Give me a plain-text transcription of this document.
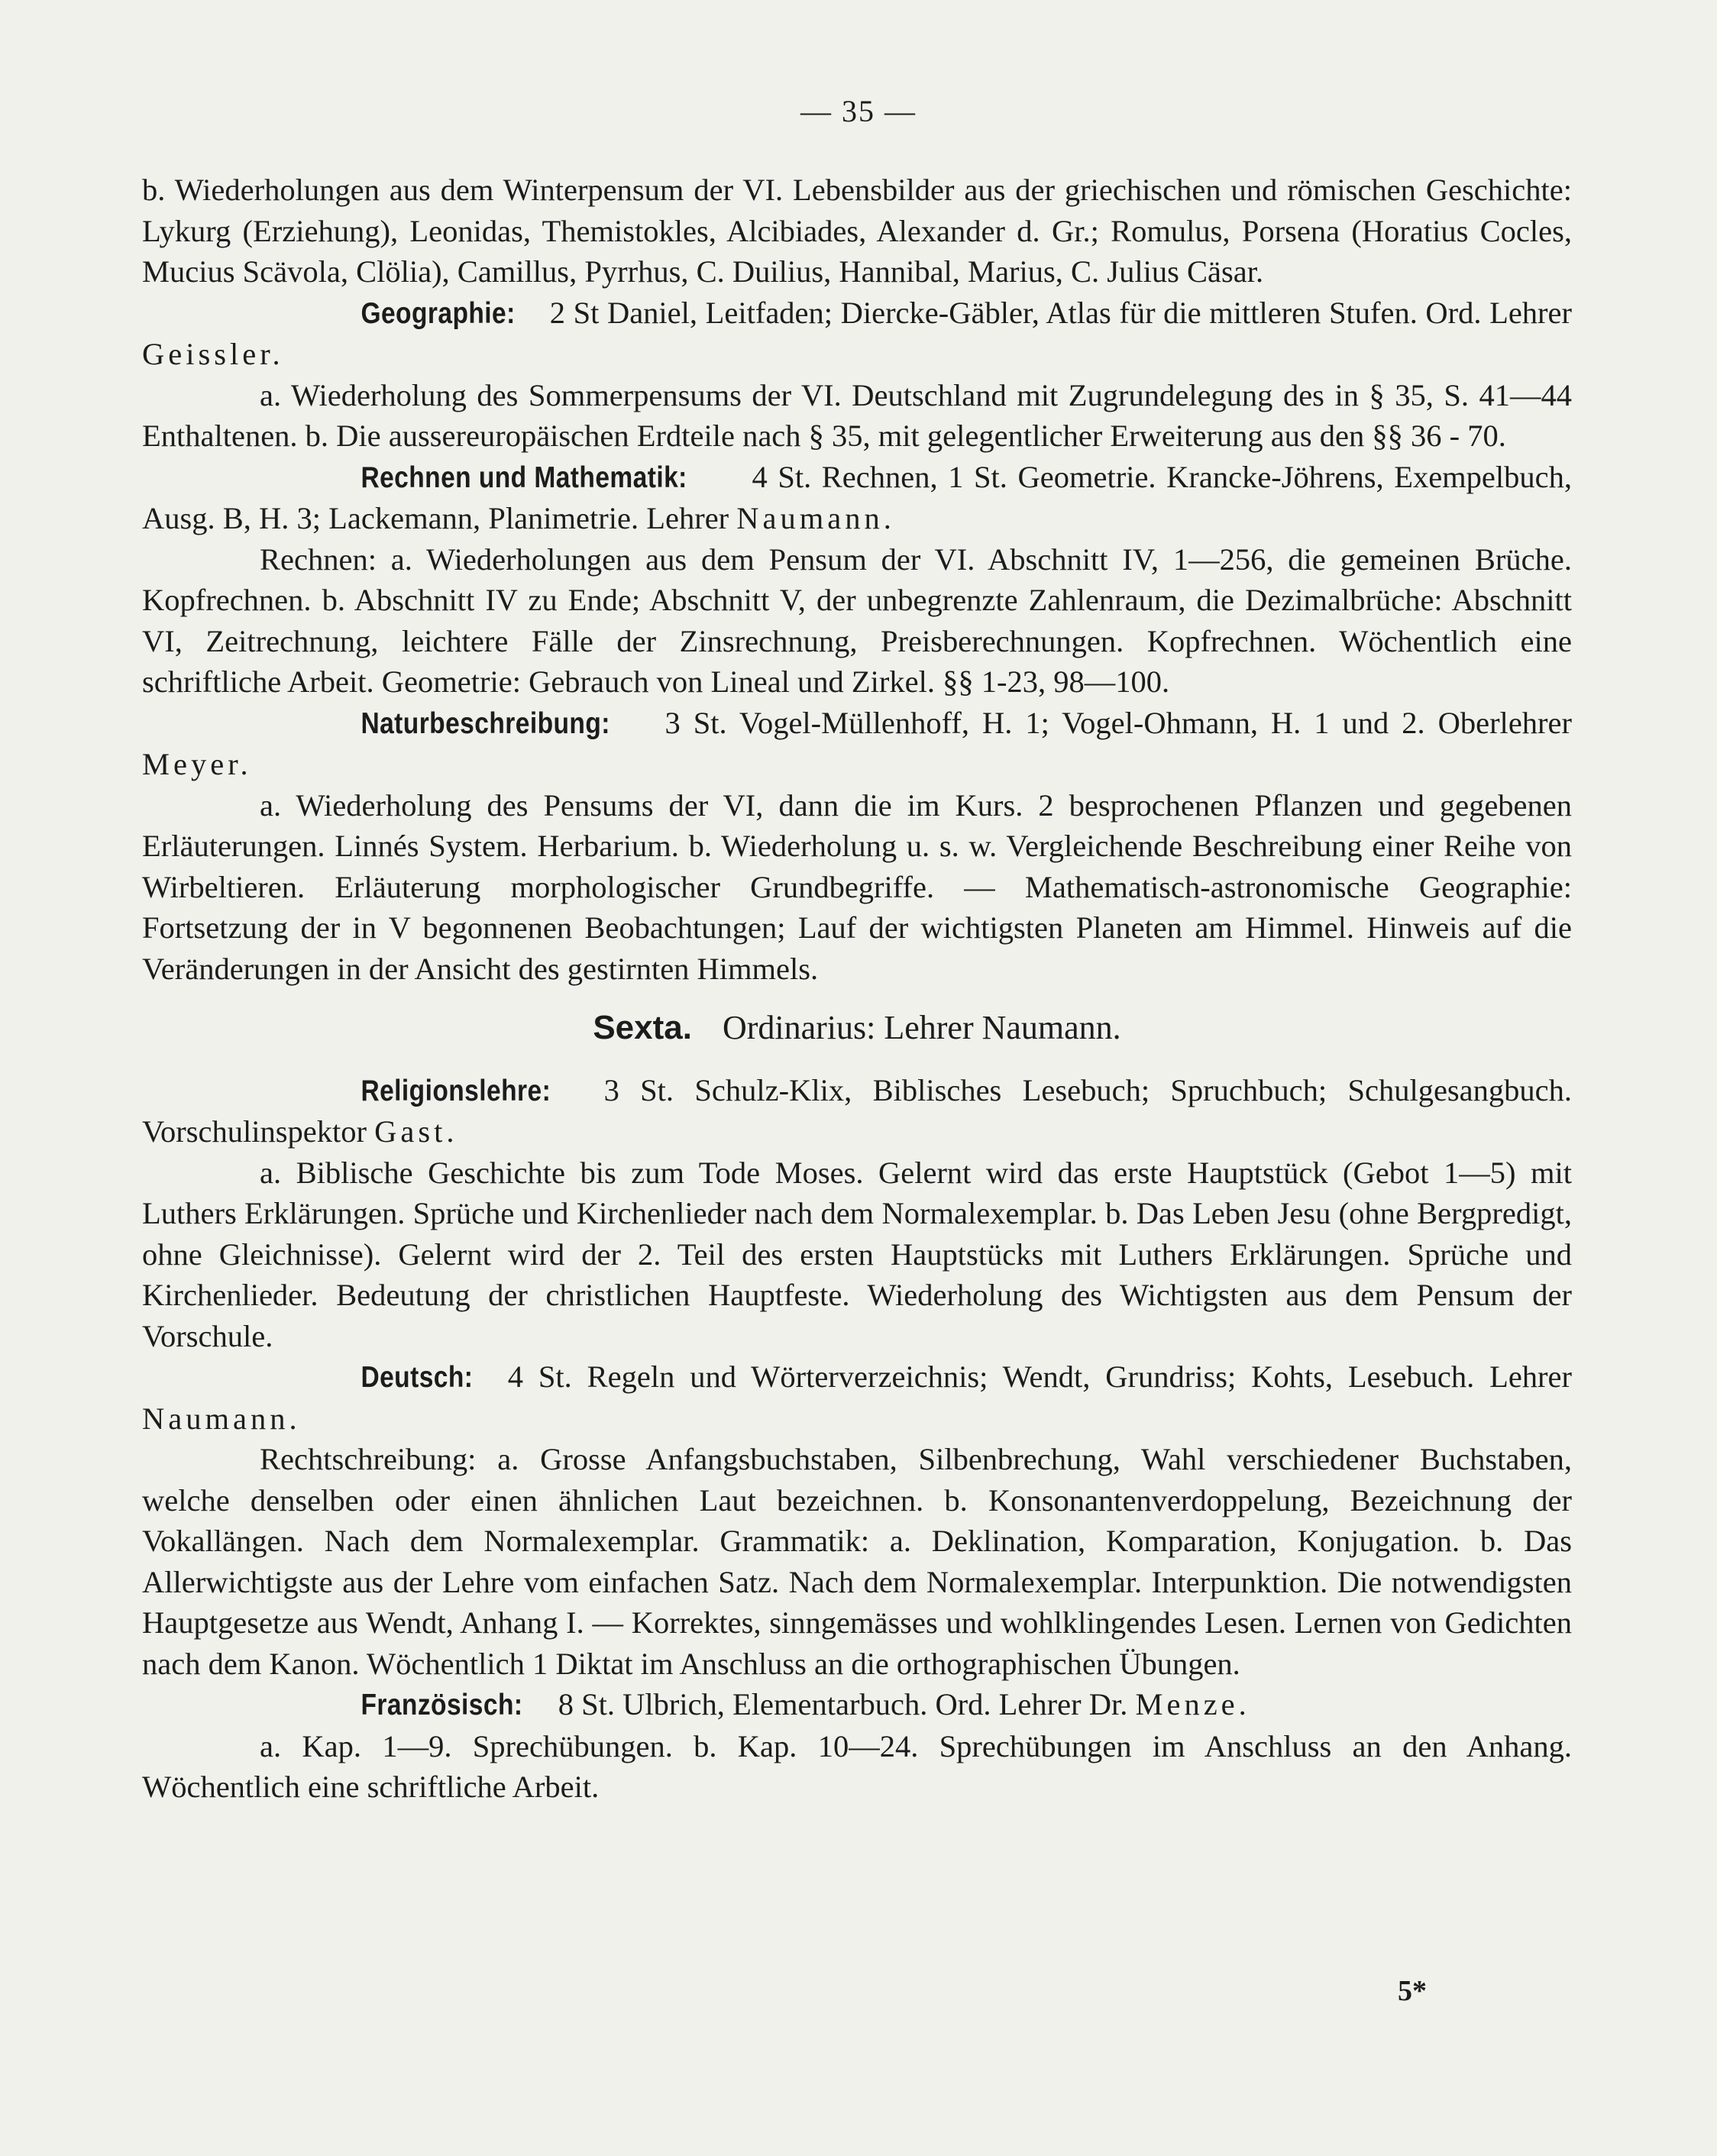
— 35 —

b. Wiederholungen aus dem Winterpensum der VI. Lebensbilder aus der griechischen und römischen Geschichte: Lykurg (Erziehung), Leonidas, Themistokles, Alcibiades, Alexander d. Gr.; Romulus, Porsena (Horatius Cocles, Mucius Scävola, Clölia), Camillus, Pyrrhus, C. Duilius, Hannibal, Marius, C. Julius Cäsar.

Geographie: 2 St Daniel, Leitfaden; Diercke-Gäbler, Atlas für die mittleren Stufen. Ord. Lehrer Geissler.

a. Wiederholung des Sommerpensums der VI. Deutschland mit Zugrundelegung des in § 35, S. 41—44 Enthaltenen. b. Die aussereuropäischen Erdteile nach § 35, mit gelegentlicher Erweiterung aus den §§ 36 - 70.

Rechnen und Mathematik: 4 St. Rechnen, 1 St. Geometrie. Krancke-Jöhrens, Exempelbuch, Ausg. B, H. 3; Lackemann, Planimetrie. Lehrer Naumann.

Rechnen: a. Wiederholungen aus dem Pensum der VI. Abschnitt IV, 1—256, die gemeinen Brüche. Kopfrechnen. b. Abschnitt IV zu Ende; Abschnitt V, der unbegrenzte Zahlenraum, die Dezimalbrüche: Abschnitt VI, Zeitrechnung, leichtere Fälle der Zinsrechnung, Preisberechnungen. Kopfrechnen. Wöchentlich eine schriftliche Arbeit. Geometrie: Gebrauch von Lineal und Zirkel. §§ 1-23, 98—100.

Naturbeschreibung: 3 St. Vogel-Müllenhoff, H. 1; Vogel-Ohmann, H. 1 und 2. Oberlehrer Meyer.

a. Wiederholung des Pensums der VI, dann die im Kurs. 2 besprochenen Pflanzen und gegebenen Erläuterungen. Linnés System. Herbarium. b. Wiederholung u. s. w. Vergleichende Beschreibung einer Reihe von Wirbeltieren. Erläuterung morphologischer Grundbegriffe. — Mathematisch-astronomische Geographie: Fortsetzung der in V begonnenen Beobachtungen; Lauf der wichtigsten Planeten am Himmel. Hinweis auf die Veränderungen in der Ansicht des gestirnten Himmels.

Sexta. Ordinarius: Lehrer Naumann.

Religionslehre: 3 St. Schulz-Klix, Biblisches Lesebuch; Spruchbuch; Schulgesangbuch. Vorschulinspektor Gast.

a. Biblische Geschichte bis zum Tode Moses. Gelernt wird das erste Hauptstück (Gebot 1—5) mit Luthers Erklärungen. Sprüche und Kirchenlieder nach dem Normalexemplar. b. Das Leben Jesu (ohne Bergpredigt, ohne Gleichnisse). Gelernt wird der 2. Teil des ersten Hauptstücks mit Luthers Erklärungen. Sprüche und Kirchenlieder. Bedeutung der christlichen Hauptfeste. Wiederholung des Wichtigsten aus dem Pensum der Vorschule.

Deutsch: 4 St. Regeln und Wörterverzeichnis; Wendt, Grundriss; Kohts, Lesebuch. Lehrer Naumann.

Rechtschreibung: a. Grosse Anfangsbuchstaben, Silbenbrechung, Wahl verschiedener Buchstaben, welche denselben oder einen ähnlichen Laut bezeichnen. b. Konsonantenverdoppelung, Bezeichnung der Vokallängen. Nach dem Normalexemplar. Grammatik: a. Deklination, Komparation, Konjugation. b. Das Allerwichtigste aus der Lehre vom einfachen Satz. Nach dem Normalexemplar. Interpunktion. Die notwendigsten Hauptgesetze aus Wendt, Anhang I. — Korrektes, sinngemässes und wohlklingendes Lesen. Lernen von Gedichten nach dem Kanon. Wöchentlich 1 Diktat im Anschluss an die orthographischen Übungen.

Französisch: 8 St. Ulbrich, Elementarbuch. Ord. Lehrer Dr. Menze.

a. Kap. 1—9. Sprechübungen. b. Kap. 10—24. Sprechübungen im Anschluss an den Anhang. Wöchentlich eine schriftliche Arbeit.

5*
